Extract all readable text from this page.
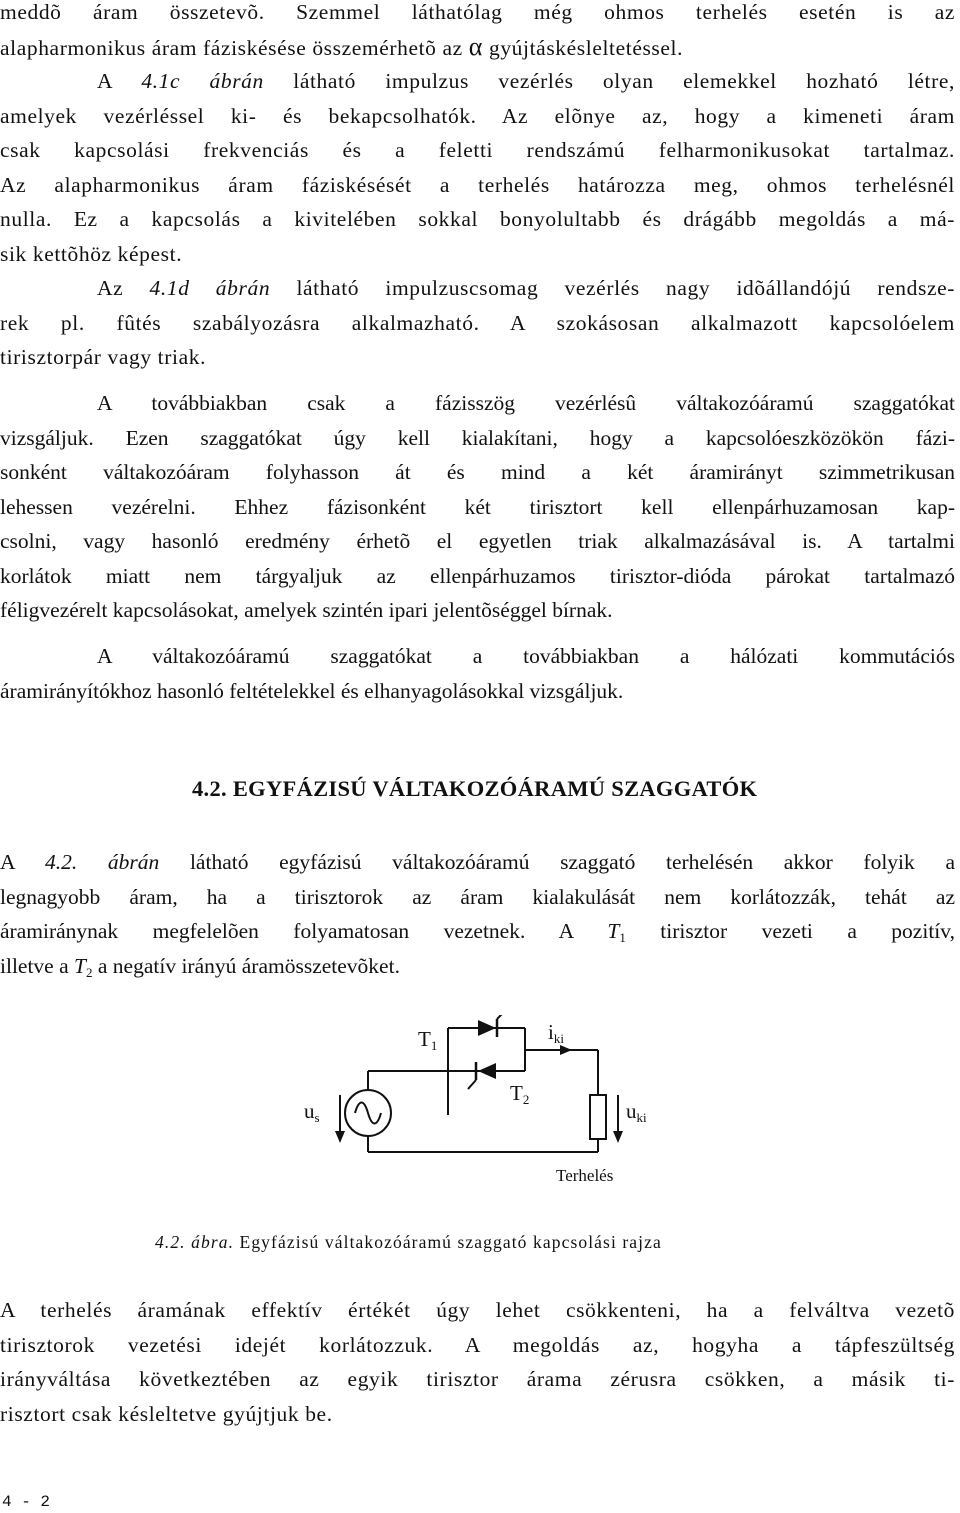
meddõ áram összetevõ. Szemmel láthatólag még ohmos terhelés esetén is az
alapharmonikus áram fáziskésése összemérhetõ az α gyújtáskésleltetéssel.
A 4.1c ábrán látható impulzus vezérlés olyan elemekkel hozható létre,
amelyek vezérléssel ki- és bekapcsolhatók. Az elõnye az, hogy a kimeneti áram
csak kapcsolási frekvenciás és a feletti rendszámú felharmonikusokat tartalmaz.
Az alapharmonikus áram fáziskésését a terhelés határozza meg, ohmos terhelésnél
nulla. Ez a kapcsolás a kivitelében sokkal bonyolultabb és drágább megoldás a má-
sik kettõhöz képest.
Az 4.1d ábrán látható impulzuscsomag vezérlés nagy idõállandójú rendsze-
rek pl. fûtés szabályozásra alkalmazható. A szokásosan alkalmazott kapcsolóelem
tirisztorpár vagy triak.
A továbbiakban csak a fázisszög vezérlésû váltakozóáramú szaggatókat
vizsgáljuk. Ezen szaggatókat úgy kell kialakítani, hogy a kapcsolóeszközökön fázi-
sonként váltakozóáram folyhasson át és mind a két áramirányt szimmetrikusan
lehessen vezérelni. Ehhez fázisonként két tirisztort kell ellenpárhuzamosan kap-
csolni, vagy hasonló eredmény érhetõ el egyetlen triak alkalmazásával is. A tartalmi
korlátok miatt nem tárgyaljuk az ellenpárhuzamos tirisztor-dióda párokat tartalmazó
féligvezérelt kapcsolásokat, amelyek szintén ipari jelentõséggel bírnak.
A váltakozóáramú szaggatókat a továbbiakban a hálózati kommutációs
áramirányítókhoz hasonló feltételekkel és elhanyagolásokkal vizsgáljuk.
4.2. EGYFÁZISÚ VÁLTAKOZÓÁRAMÚ SZAGGATÓK
A 4.2. ábrán látható egyfázisú váltakozóáramú szaggató terhelésén akkor folyik a
legnagyobb áram, ha a tirisztorok az áram kialakulását nem korlátozzák, tehát az
áramiránynak megfelelõen folyamatosan vezetnek. A $T_1$ tirisztor vezeti a pozitív,
illetve a $T_2$ a negatív irányú áramösszetevõket.
T1
T2
iki
us	uki
Terhelés
4.2. ábra. Egyfázisú váltakozóáramú szaggató kapcsolási rajza
A terhelés áramának effektív értékét úgy lehet csökkenteni, ha a felváltva vezetõ
tirisztorok vezetési idejét korlátozzuk. A megoldás az, hogyha a tápfeszültség
irányváltása következtében az egyik tirisztor árama zérusra csökken, a másik ti-
risztort csak késleltetve gyújtjuk be.
4 - 2
